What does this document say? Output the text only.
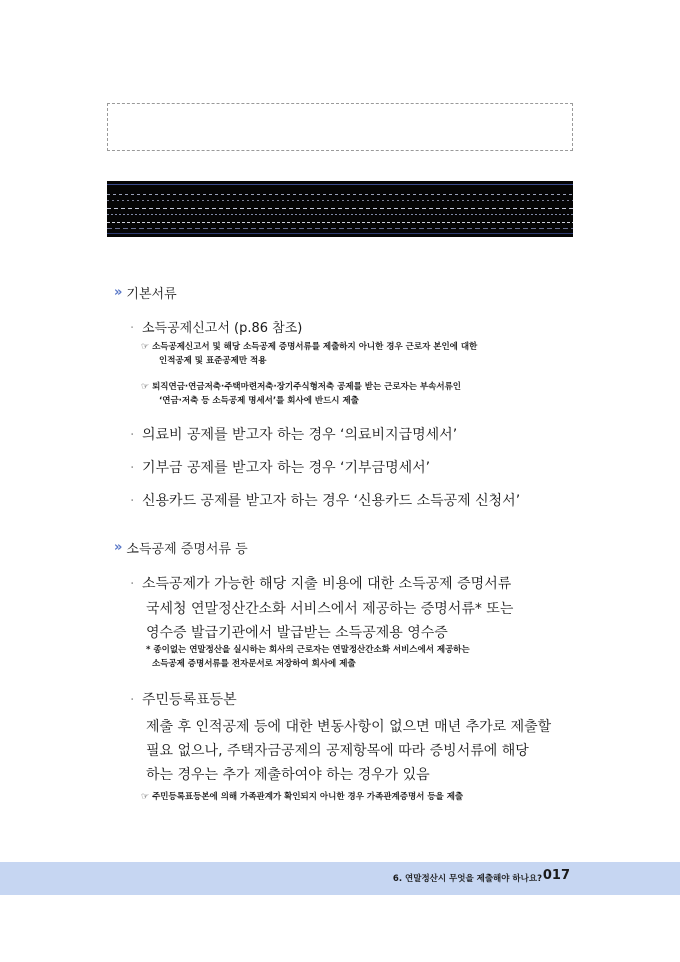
» 기본서류
· 소득공제신고서 (p.86 참조)
☞ 소득공제신고서 및 해당 소득공제 증명서류를 제출하지 아니한 경우 근로자 본인에 대한
인적공제 및 표준공제만 적용
☞ 퇴직연금·연금저축·주택마련저축·장기주식형저축 공제를 받는 근로자는 부속서류인
‘연금·저축 등 소득공제 명세서’를 회사에 반드시 제출
· 의료비 공제를 받고자 하는 경우 ‘의료비지급명세서’
· 기부금 공제를 받고자 하는 경우 ‘기부금명세서’
· 신용카드 공제를 받고자 하는 경우 ‘신용카드 소득공제 신청서’
» 소득공제 증명서류 등
· 소득공제가 가능한 해당 지출 비용에 대한 소득공제 증명서류
국세청 연말정산간소화 서비스에서 제공하는 증명서류* 또는
영수증 발급기관에서 발급받는 소득공제용 영수증
* 종이없는 연말정산을 실시하는 회사의 근로자는 연말정산간소화 서비스에서 제공하는
소득공제 증명서류를 전자문서로 저장하여 회사에 제출
· 주민등록표등본
제출 후 인적공제 등에 대한 변동사항이 없으면 매년 추가로 제출할
필요 없으나, 주택자금공제의 공제항목에 따라 증빙서류에 해당
하는 경우는 추가 제출하여야 하는 경우가 있음
☞ 주민등록표등본에 의해 가족관계가 확인되지 아니한 경우 가족관계증명서 등을 제출
6. 연말정산시 무엇을 제출해야 하나요? 017
